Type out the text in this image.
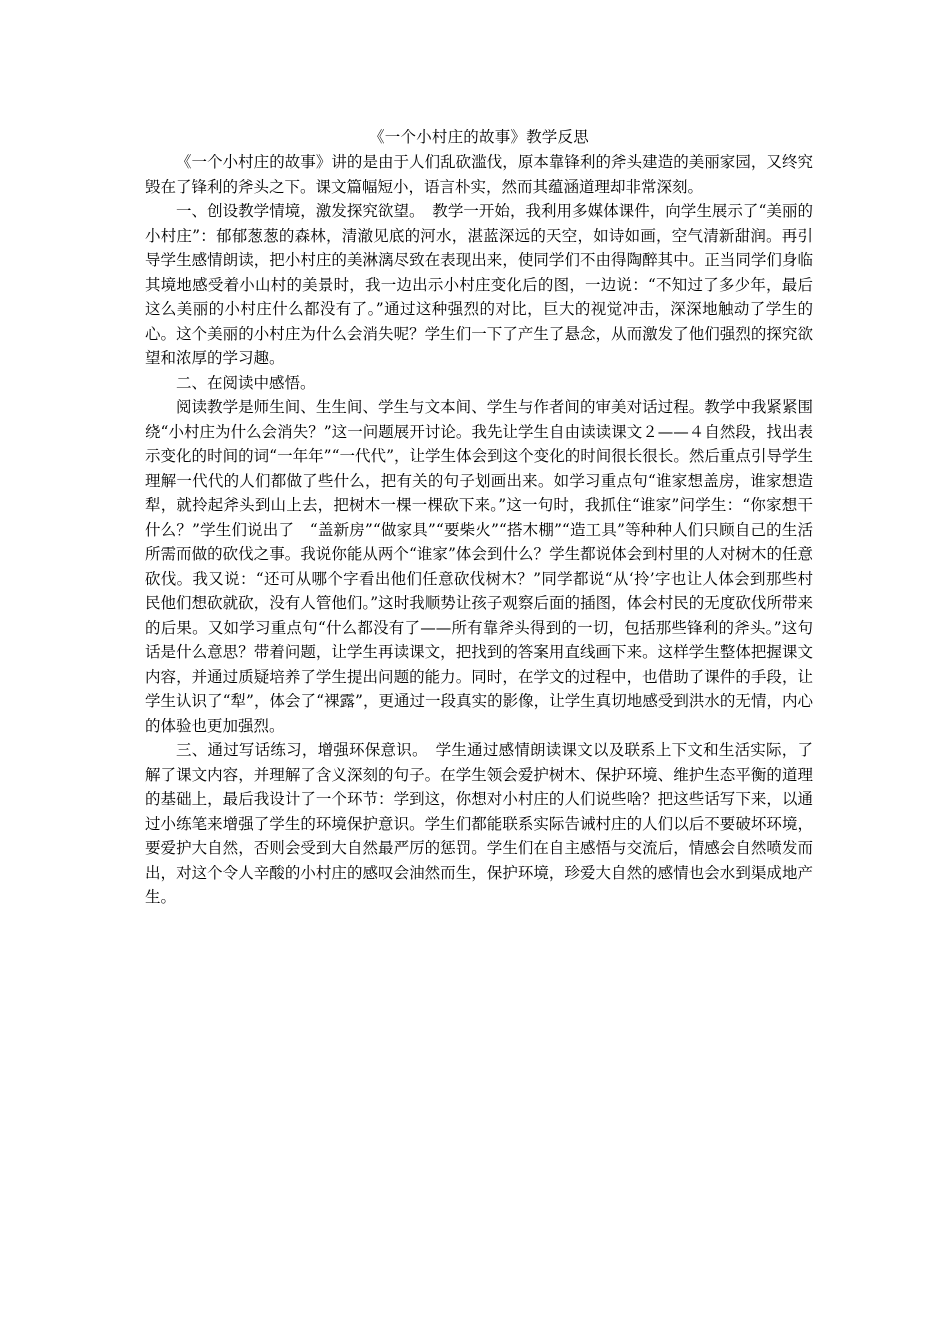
《一个小村庄的故事》教学反思

《一个小村庄的故事》讲的是由于人们乱砍滥伐，原本靠锋利的斧头建造的美丽家园，又终究毁在了锋利的斧头之下。课文篇幅短小，语言朴实，然而其蕴涵道理却非常深刻。

一、创设教学情境，激发探究欲望。　教学一开始，我利用多媒体课件，向学生展示了“美丽的小村庄”：郁郁葱葱的森林，清澈见底的河水，湛蓝深远的天空，如诗如画，空气清新甜润。再引导学生感情朗读，把小村庄的美淋漓尽致在表现出来，使同学们不由得陶醉其中。正当同学们身临其境地感受着小山村的美景时，我一边出示小村庄变化后的图，一边说：“不知过了多少年，最后这么美丽的小村庄什么都没有了。”通过这种强烈的对比，巨大的视觉冲击，深深地触动了学生的心。这个美丽的小村庄为什么会消失呢？学生们一下了产生了悬念，从而激发了他们强烈的探究欲望和浓厚的学习趣。

二、在阅读中感悟。

阅读教学是师生间、生生间、学生与文本间、学生与作者间的审美对话过程。教学中我紧紧围绕“小村庄为什么会消失？”这一问题展开讨论。我先让学生自由读读课文２——４自然段，找出表示变化的时间的词“一年年”“一代代”，让学生体会到这个变化的时间很长很长。然后重点引导学生理解一代代的人们都做了些什么，把有关的句子划画出来。如学习重点句“谁家想盖房，谁家想造犁，就拎起斧头到山上去，把树木一棵一棵砍下来。”这一句时，我抓住“谁家”问学生：“你家想干什么？”学生们说出了　“盖新房”“做家具”“要柴火”“搭木棚”“造工具”等种种人们只顾自己的生活所需而做的砍伐之事。我说你能从两个“谁家”体会到什么？学生都说体会到村里的人对树木的任意砍伐。我又说：“还可从哪个字看出他们任意砍伐树木？”同学都说“从‘拎’字也让人体会到那些村民他们想砍就砍，没有人管他们。”这时我顺势让孩子观察后面的插图，体会村民的无度砍伐所带来的后果。又如学习重点句“什么都没有了——所有靠斧头得到的一切，包括那些锋利的斧头。”这句话是什么意思？带着问题，让学生再读课文，把找到的答案用直线画下来。这样学生整体把握课文内容，并通过质疑培养了学生提出问题的能力。同时，在学文的过程中，也借助了课件的手段，让学生认识了“犁”，体会了“裸露”，更通过一段真实的影像，让学生真切地感受到洪水的无情，内心的体验也更加强烈。

三、通过写话练习，增强环保意识。　学生通过感情朗读课文以及联系上下文和生活实际，了解了课文内容，并理解了含义深刻的句子。在学生领会爱护树木、保护环境、维护生态平衡的道理的基础上，最后我设计了一个环节：学到这，你想对小村庄的人们说些啥？把这些话写下来，以通过小练笔来增强了学生的环境保护意识。学生们都能联系实际告诫村庄的人们以后不要破坏环境，要爱护大自然，否则会受到大自然最严厉的惩罚。学生们在自主感悟与交流后，情感会自然喷发而出，对这个令人辛酸的小村庄的感叹会油然而生，保护环境，珍爱大自然的感情也会水到渠成地产生。
